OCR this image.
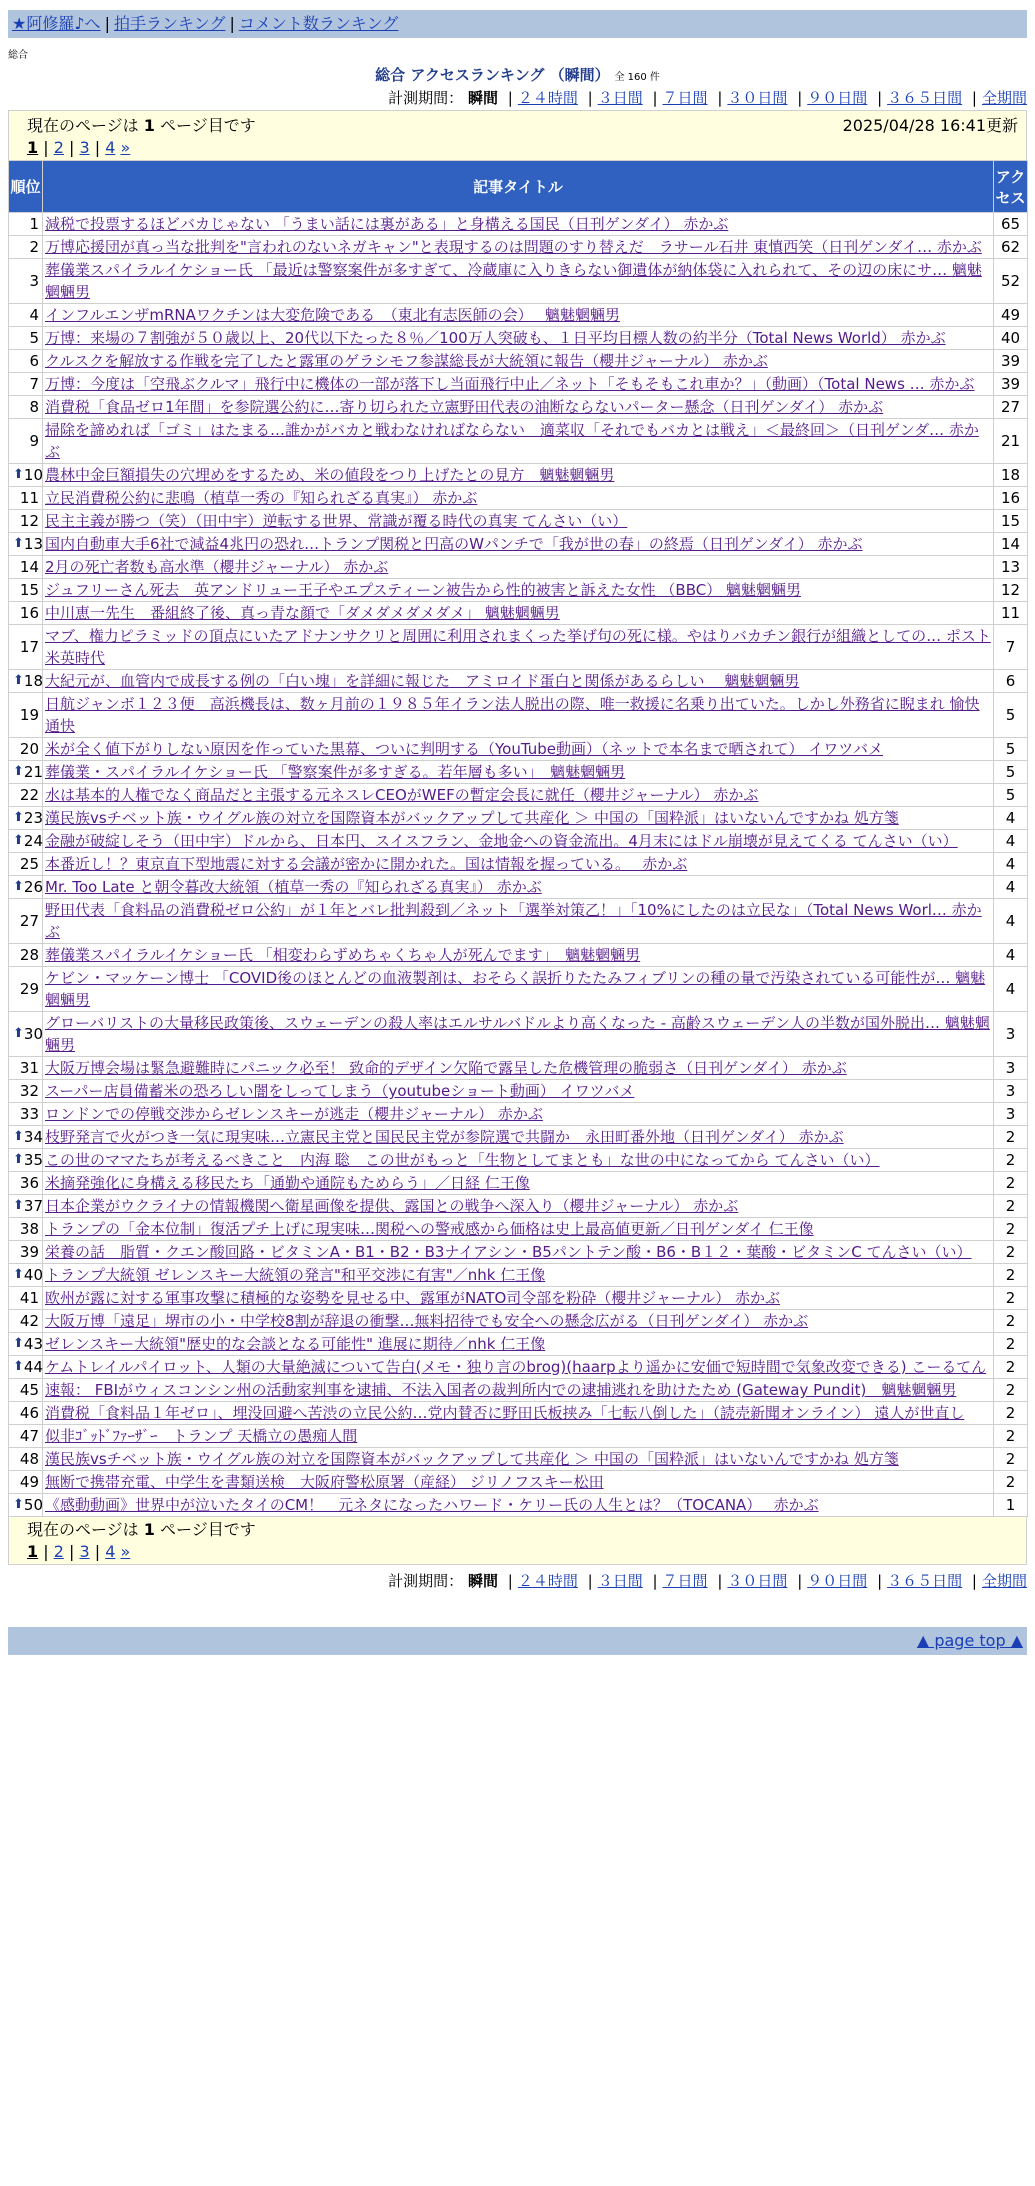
★阿修羅♪へ | 拍手ランキング | コメント数ランキング
総合
総合 アクセスランキング （瞬間） 全 160 件
計測期間： 瞬間 | ２４時間 | ３日間 | ７日間 | ３０日間 | ９０日間 | ３６５日間 | 全期間
現在のページは 1 ページ目です	2025/04/28 16:41更新
1 | 2 | 3 | 4 »
順位	記事タイトル	アクセス
1	減税で投票するほどバカじゃない 「うまい話には裏がある」と身構える国民（日刊ゲンダイ） 赤かぶ	65
2	万博応援団が真っ当な批判を"言われのないネガキャン"と表現するのは問題のすり替えだ　ラサール石井 東慎西笑（日刊ゲンダイ… 赤かぶ	62
3	葬儀業スパイラルイケショー氏 「最近は警察案件が多すぎて、冷蔵庫に入りきらない御遺体が納体袋に入れられて、その辺の床にサ… 魑魅魍魎男	52
4	インフルエンザmRNAワクチンは大変危険である　（東北有志医師の会）　 魑魅魍魎男	49
5	万博：来場の７割強が５０歳以上、20代以下たった８％／100万人突破も、１日平均目標人数の約半分（Total News World） 赤かぶ	40
6	クルスクを解放する作戦を完了したと露軍のゲラシモフ参謀総長が大統領に報告（櫻井ジャーナル） 赤かぶ	39
7	万博：今度は「空飛ぶクルマ」飛行中に機体の一部が落下し当面飛行中止／ネット「そもそもこれ車か？」（動画）（Total News … 赤かぶ	39
8	消費税「食品ゼロ1年間」を参院選公約に…寄り切られた立憲野田代表の油断ならないパーター懸念（日刊ゲンダイ） 赤かぶ	27
9	掃除を諦めれば「ゴミ」はたまる…誰かがバカと戦わなければならない　適菜収「それでもバカとは戦え」＜最終回＞（日刊ゲンダ… 赤かぶ	21

⬆ 10	農林中金巨額損失の穴埋めをするため、米の値段をつり上げたとの見方　魑魅魍魎男	18
11	立民消費税公約に悲鳴（植草一秀の『知られざる真実』） 赤かぶ	16
12	民主主義が勝つ（笑）（田中宇）逆転する世界、常識が覆る時代の真実 てんさい（い）	15

⬆ 13	国内自動車大手6社で減益4兆円の恐れ…トランプ関税と円高のWパンチで「我が世の春」の終焉（日刊ゲンダイ） 赤かぶ	14
14	2月の死亡者数も高水準（櫻井ジャーナル） 赤かぶ	13
15	ジュフリーさん死去　英アンドリュー王子やエプスティーン被告から性的被害と訴えた女性 （BBC） 魑魅魍魎男	12
16	中川恵一先生　番組終了後、真っ青な顔で「ダメダメダメダメ」 魑魅魍魎男	11
17	マブ、権力ピラミッドの頂点にいたアドナンサクリと周囲に利用されまくった挙げ句の死に様。やはりバカチン銀行が組織としての… ポスト米英時代	7

⬆ 18	大紀元が、血管内で成長する例の「白い塊」を詳細に報じた　アミロイド蛋白と関係があるらしい　 魑魅魍魎男	6
19	日航ジャンボ１２３便　高浜機長は、数ヶ月前の１９８５年イラン法人脱出の際、唯一救援に名乗り出ていた。しかし外務省に睨まれ 愉快通快	5
20	米が全く値下がりしない原因を作っていた黒幕、ついに判明する（YouTube動画）（ネットで本名まで晒されて） イワツバメ	5

⬆ 21	葬儀業・スパイラルイケショー氏 「警察案件が多すぎる。若年層も多い」　魑魅魍魎男	5
22	水は基本的人権でなく商品だと主張する元ネスレCEOがWEFの暫定会長に就任（櫻井ジャーナル） 赤かぶ	5

⬆ 23	漢民族vsチベット族・ウイグル族の対立を国際資本がバックアップして共産化 ＞ 中国の「国粋派」はいないんですかね 処方箋	4

⬆ 24	金融が破綻しそう（田中宇）ドルから、日本円、スイスフラン、金地金への資金流出。4月末にはドル崩壊が見えてくる てんさい（い）	4
25	本番近し！？東京直下型地震に対する会議が密かに開かれた。国は情報を握っている。　 赤かぶ	4

⬆ 26	Mr. Too Late と朝令暮改大統領（植草一秀の『知られざる真実』） 赤かぶ	4
27	野田代表「食料品の消費税ゼロ公約」が１年とバレ批判殺到／ネット「選挙対策乙！」「10%にしたのは立民な」（Total News Worl… 赤かぶ	4
28	葬儀業スパイラルイケショー氏 「相変わらずめちゃくちゃ人が死んでます」　魑魅魍魎男	4
29	ケビン・マッケーン博士 「COVID後のほとんどの血液製剤は、おそらく誤折りたたみフィブリンの種の量で汚染されている可能性が… 魑魅魍魎男	4

⬆ 30	グローバリストの大量移民政策後、スウェーデンの殺人率はエルサルバドルより高くなった - 高齢スウェーデン人の半数が国外脱出… 魑魅魍魎男	3
31	大阪万博会場は緊急避難時にパニック必至！ 致命的デザイン欠陥で露呈した危機管理の脆弱さ（日刊ゲンダイ） 赤かぶ	3
32	スーパー店員備蓄米の恐ろしい闇をしってしまう（youtubeショート動画） イワツバメ	3
33	ロンドンでの停戦交渉からゼレンスキーが逃走（櫻井ジャーナル） 赤かぶ	3

⬆ 34	枝野発言で火がつき一気に現実味…立憲民主党と国民民主党が参院選で共闘か　永田町番外地（日刊ゲンダイ） 赤かぶ	2

⬆ 35	この世のママたちが考えるべきこと　内海 聡　この世がもっと「生物としてまとも」な世の中になってから てんさい（い）	2
36	米摘発強化に身構える移民たち「通勤や通院もためらう」／日経 仁王像	2

⬆ 37	日本企業がウクライナの情報機関へ衛星画像を提供、露国との戦争へ深入り（櫻井ジャーナル） 赤かぶ	2
38	トランプの「金本位制」復活プチ上げに現実味…関税への警戒感から価格は史上最高値更新／日刊ゲンダイ 仁王像	2
39	栄養の話　脂質・クエン酸回路・ビタミンA・B1・B2・B3ナイアシン・B5パントテン酸・B6・B１２・葉酸・ビタミンC てんさい（い）	2

⬆ 40	トランプ大統領 ゼレンスキー大統領の発言"和平交渉に有害"／nhk 仁王像	2
41	欧州が露に対する軍事攻撃に積極的な姿勢を見せる中、露軍がNATO司令部を粉砕（櫻井ジャーナル） 赤かぶ	2
42	大阪万博「遠足」堺市の小・中学校8割が辞退の衝撃…無料招待でも安全への懸念広がる（日刊ゲンダイ） 赤かぶ	2

⬆ 43	ゼレンスキー大統領"歴史的な会談となる可能性" 進展に期待／nhk 仁王像	2

⬆ 44	ケムトレイルパイロット、人類の大量絶滅について告白(メモ・独り言のbrog)(haarpより遥かに安価で短時間で気象改変できる) こーるてん	2
45	速報： FBIがウィスコンシン州の活動家判事を逮捕、不法入国者の裁判所内での逮捕逃れを助けたため (Gateway Pundit)　魑魅魍魎男	2
46	消費税「食料品１年ゼロ」、埋没回避へ苦渋の立民公約…党内賛否に野田氏板挟み「七転八倒した」（読売新聞オンライン） 遠人が世直し	2
47	似非ｺﾞｯﾄﾞﾌｧｰｻﾞｰ　トランプ 天橋立の愚痴人間	2
48	漢民族vsチベット族・ウイグル族の対立を国際資本がバックアップして共産化 ＞ 中国の「国粋派」はいないんですかね 処方箋	2
49	無断で携帯充電、中学生を書類送検　大阪府警松原署（産経） ジリノフスキー松田	2

⬆ 50	《感動動画》世界中が泣いたタイのCM！　元ネタになったハワード・ケリー氏の人生とは？（TOCANA）　 赤かぶ	1
現在のページは 1 ページ目です
1 | 2 | 3 | 4 »
計測期間： 瞬間 | ２４時間 | ３日間 | ７日間 | ３０日間 | ９０日間 | ３６５日間 | 全期間
▲ page top ▲
